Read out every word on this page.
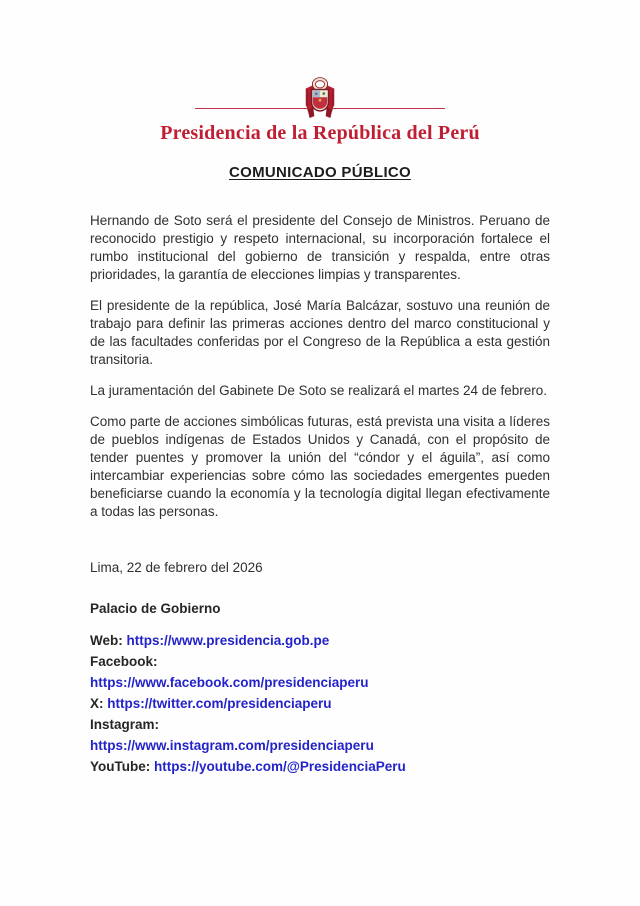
Presidencia de la República del Perú
COMUNICADO PÚBLICO

Hernando de Soto será el presidente del Consejo de Ministros. Peruano de reconocido prestigio y respeto internacional, su incorporación fortalece el rumbo institucional del gobierno de transición y respalda, entre otras prioridades, la garantía de elecciones limpias y transparentes.

El presidente de la república, José María Balcázar, sostuvo una reunión de trabajo para definir las primeras acciones dentro del marco constitucional y de las facultades conferidas por el Congreso de la República a esta gestión transitoria.

La juramentación del Gabinete De Soto se realizará el martes 24 de febrero.

Como parte de acciones simbólicas futuras, está prevista una visita a líderes de pueblos indígenas de Estados Unidos y Canadá, con el propósito de tender puentes y promover la unión del “cóndor y el águila”, así como intercambiar experiencias sobre cómo las sociedades emergentes pueden beneficiarse cuando la economía y la tecnología digital llegan efectivamente a todas las personas.

Lima, 22 de febrero del 2026
Palacio de Gobierno
Web: https://www.presidencia.gob.pe
Facebook:
https://www.facebook.com/presidenciaperu
X: https://twitter.com/presidenciaperu
Instagram:
https://www.instagram.com/presidenciaperu
YouTube: https://youtube.com/@PresidenciaPeru
